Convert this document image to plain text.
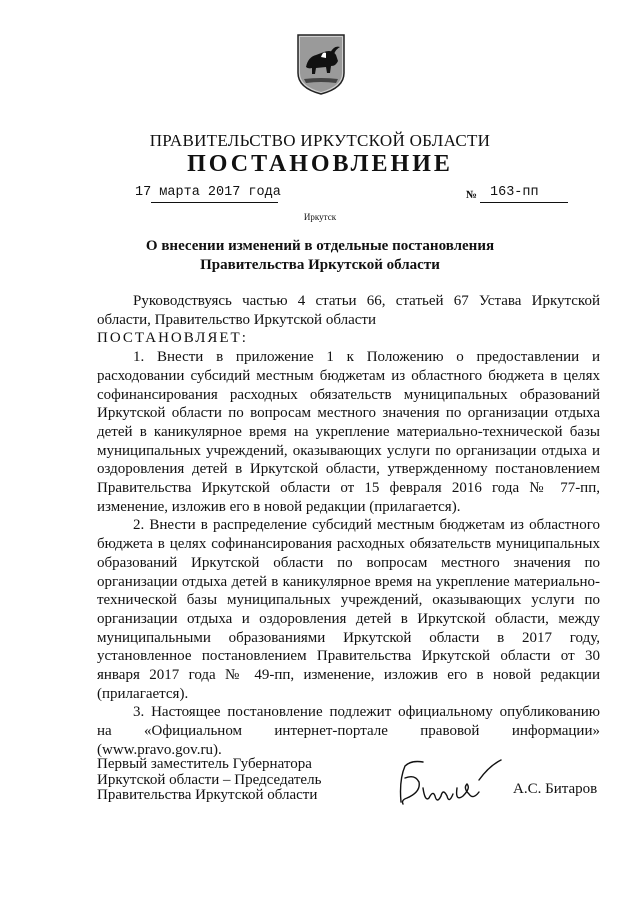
ПРАВИТЕЛЬСТВО ИРКУТСКОЙ ОБЛАСТИ
ПОСТАНОВЛЕНИЕ
17 марта 2017 года	№ 163-пп
Иркутск
О внесении изменений в отдельные постановления Правительства Иркутской области

Руководствуясь частью 4 статьи 66, статьей 67 Устава Иркутской области, Правительство Иркутской области

ПОСТАНОВЛЯЕТ:

1. Внести в приложение 1 к Положению о предоставлении и расходовании субсидий местным бюджетам из областного бюджета в целях софинансирования расходных обязательств муниципальных образований Иркутской области по вопросам местного значения по организации отдыха детей в каникулярное время на укрепление материально-технической базы муниципальных учреждений, оказывающих услуги по организации отдыха и оздоровления детей в Иркутской области, утвержденному постановлением Правительства Иркутской области от 15 февраля 2016 года № 77-пп, изменение, изложив его в новой редакции (прилагается).

2. Внести в распределение субсидий местным бюджетам из областного бюджета в целях софинансирования расходных обязательств муниципальных образований Иркутской области по вопросам местного значения по организации отдыха детей в каникулярное время на укрепление материально-технической базы муниципальных учреждений, оказывающих услуги по организации отдыха и оздоровления детей в Иркутской области, между муниципальными образованиями Иркутской области в 2017 году, установленное постановлением Правительства Иркутской области от 30 января 2017 года № 49-пп, изменение, изложив его в новой редакции (прилагается).

3. Настоящее постановление подлежит официальному опубликованию на «Официальном интернет-портале правовой информации» (www.pravo.gov.ru).

Первый заместитель Губернатора
Иркутской области – Председатель
Правительства Иркутской области	А.С. Битаров
